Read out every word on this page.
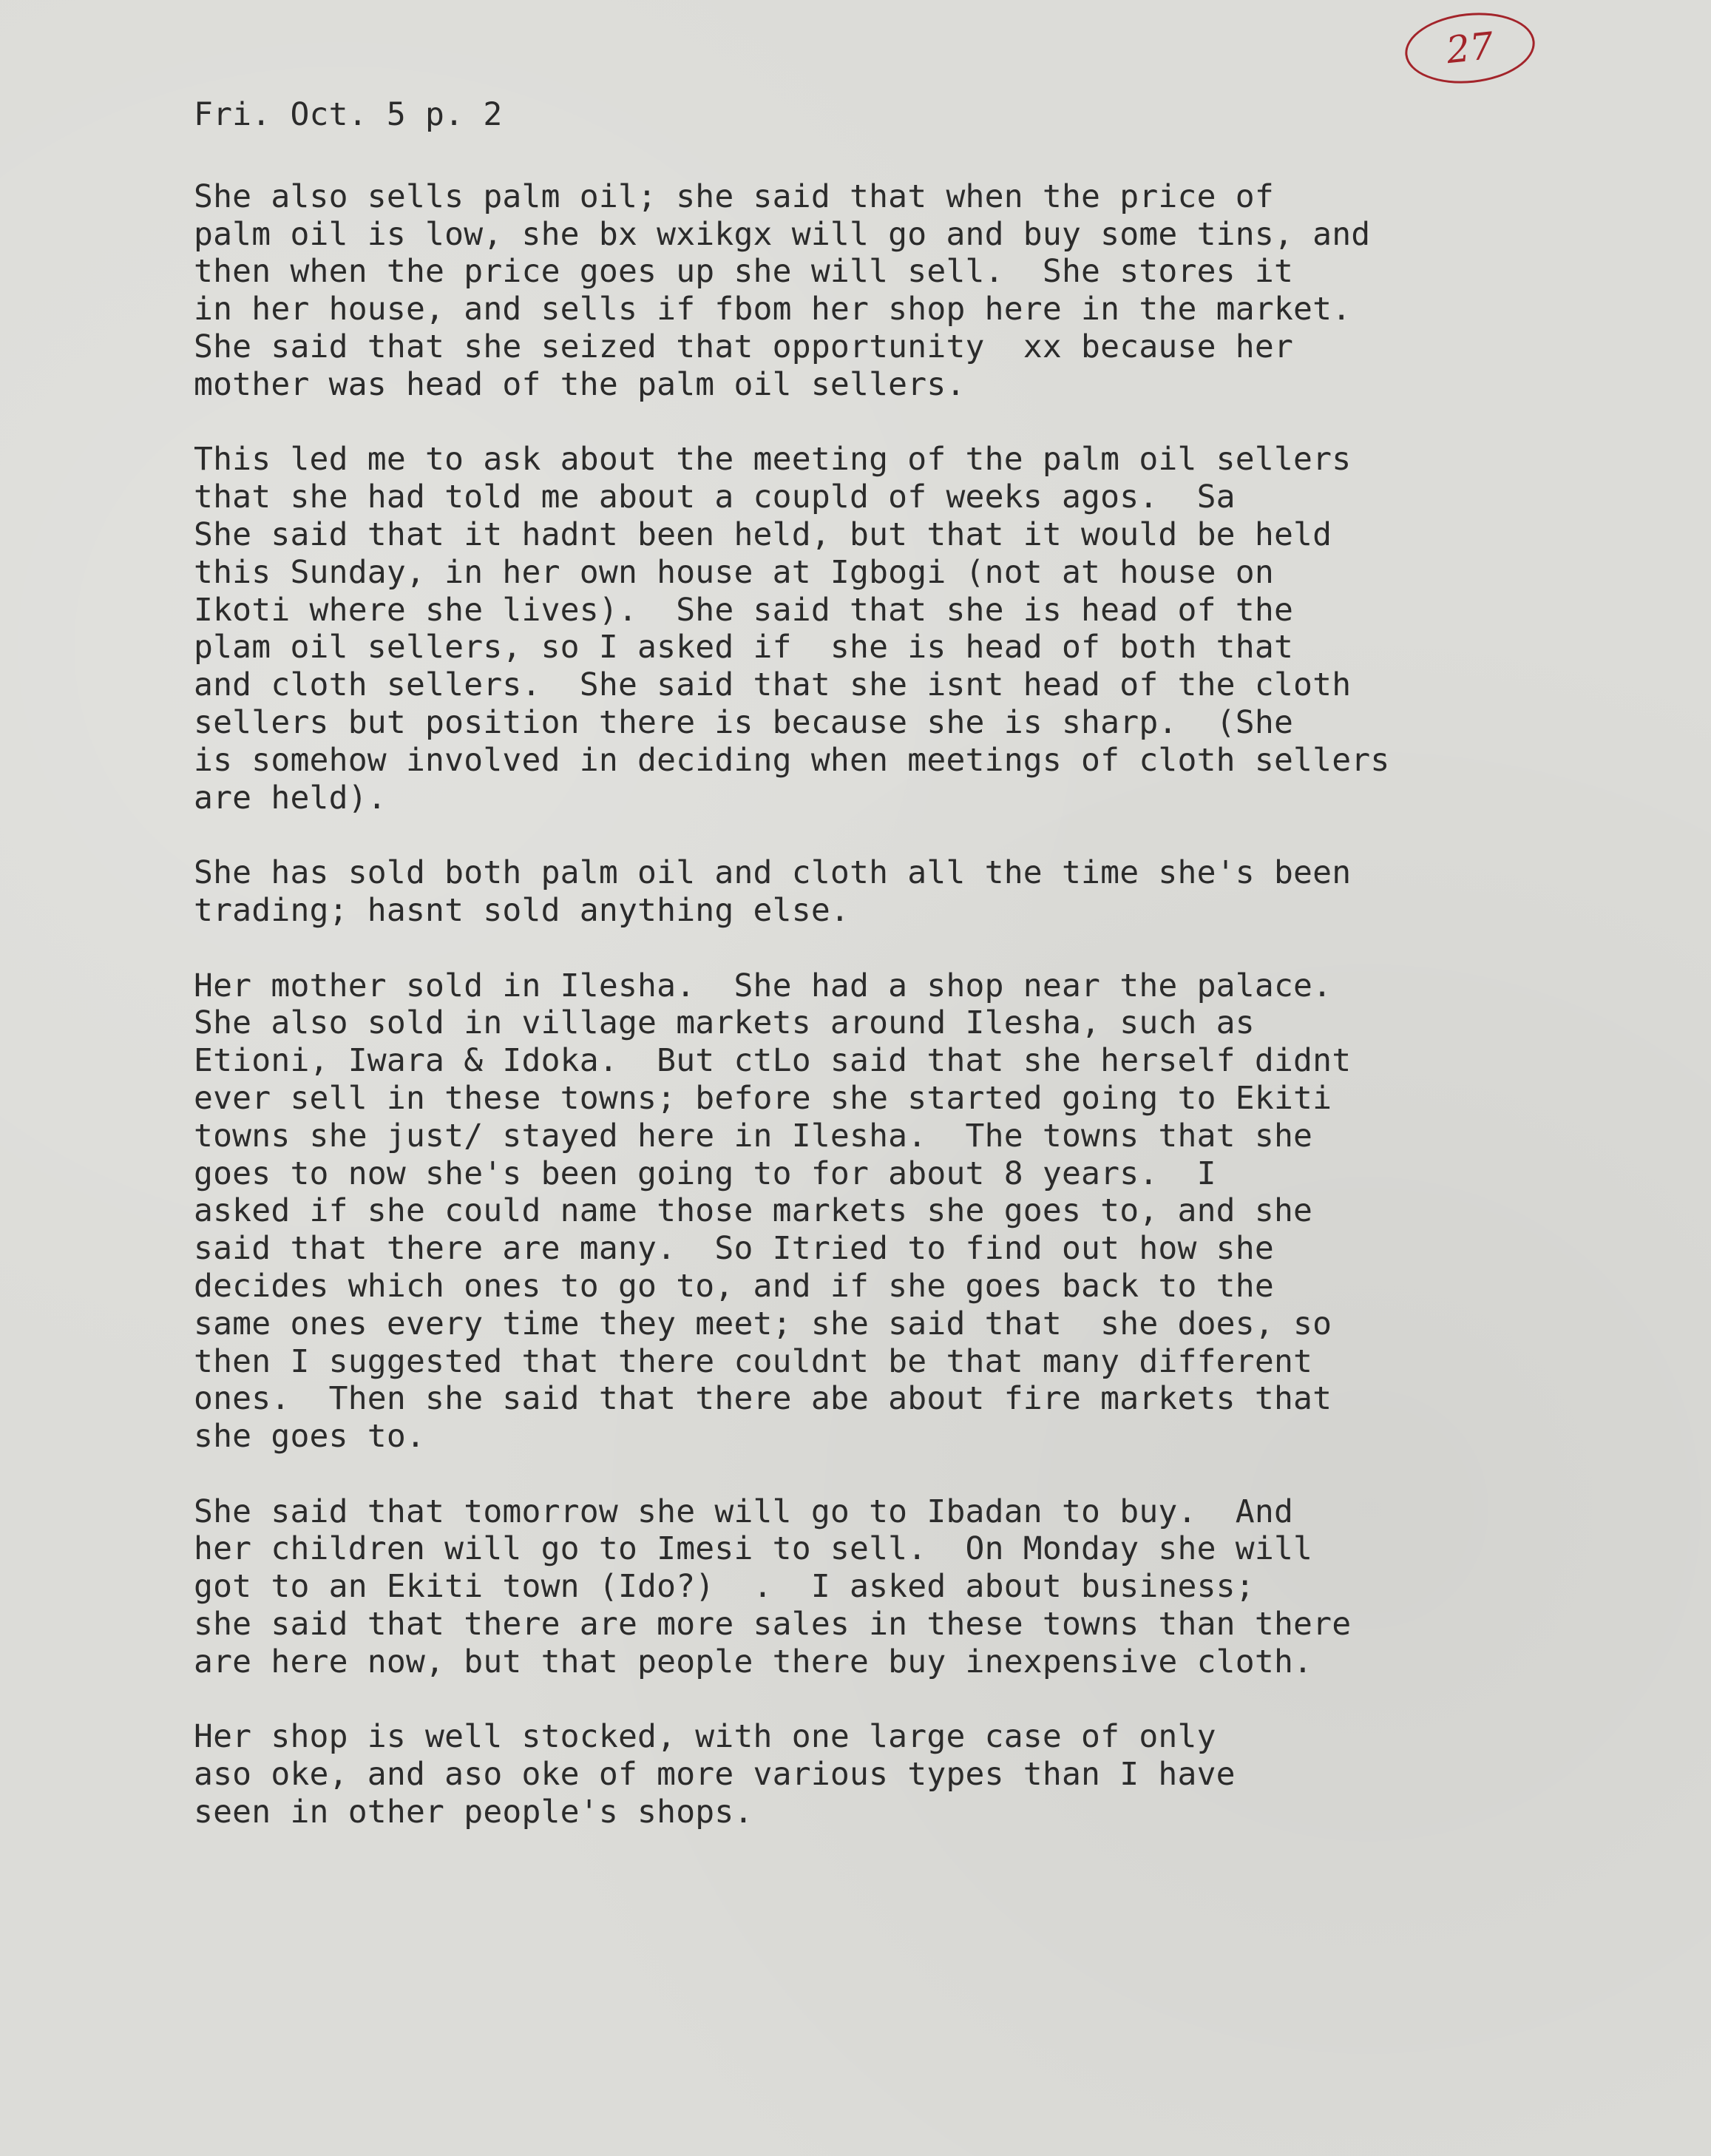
27
Fri. Oct. 5 p. 2
She also sells palm oil; she said that when the price of
palm oil is low, she bx wxikgx will go and buy some tins, and
then when the price goes up she will sell.  She stores it
in her house, and sells if fbom her shop here in the market.
She said that she seized that opportunity  xx because her
mother was head of the palm oil sellers.
This led me to ask about the meeting of the palm oil sellers
that she had told me about a coupld of weeks agos.  Sa
She said that it hadnt been held, but that it would be held
this Sunday, in her own house at Igbogi (not at house on
Ikoti where she lives).  She said that she is head of the
plam oil sellers, so I asked if  she is head of both that
and cloth sellers.  She said that she isnt head of the cloth
sellers but position there is because she is sharp.  (She
is somehow involved in deciding when meetings of cloth sellers
are held).
She has sold both palm oil and cloth all the time she's been
trading; hasnt sold anything else.
Her mother sold in Ilesha.  She had a shop near the palace.
She also sold in village markets around Ilesha, such as
Etioni, Iwara & Idoka.  But ctLo said that she herself didnt
ever sell in these towns; before she started going to Ekiti
towns she just/ stayed here in Ilesha.  The towns that she
goes to now she's been going to for about 8 years.  I
asked if she could name those markets she goes to, and she
said that there are many.  So Itried to find out how she
decides which ones to go to, and if she goes back to the
same ones every time they meet; she said that  she does, so
then I suggested that there couldnt be that many different
ones.  Then she said that there abe about fire markets that
she goes to.
She said that tomorrow she will go to Ibadan to buy.  And
her children will go to Imesi to sell.  On Monday she will
got to an Ekiti town (Ido?)  .  I asked about business;
she said that there are more sales in these towns than there
are here now, but that people there buy inexpensive cloth.
Her shop is well stocked, with one large case of only
aso oke, and aso oke of more various types than I have
seen in other people's shops.
